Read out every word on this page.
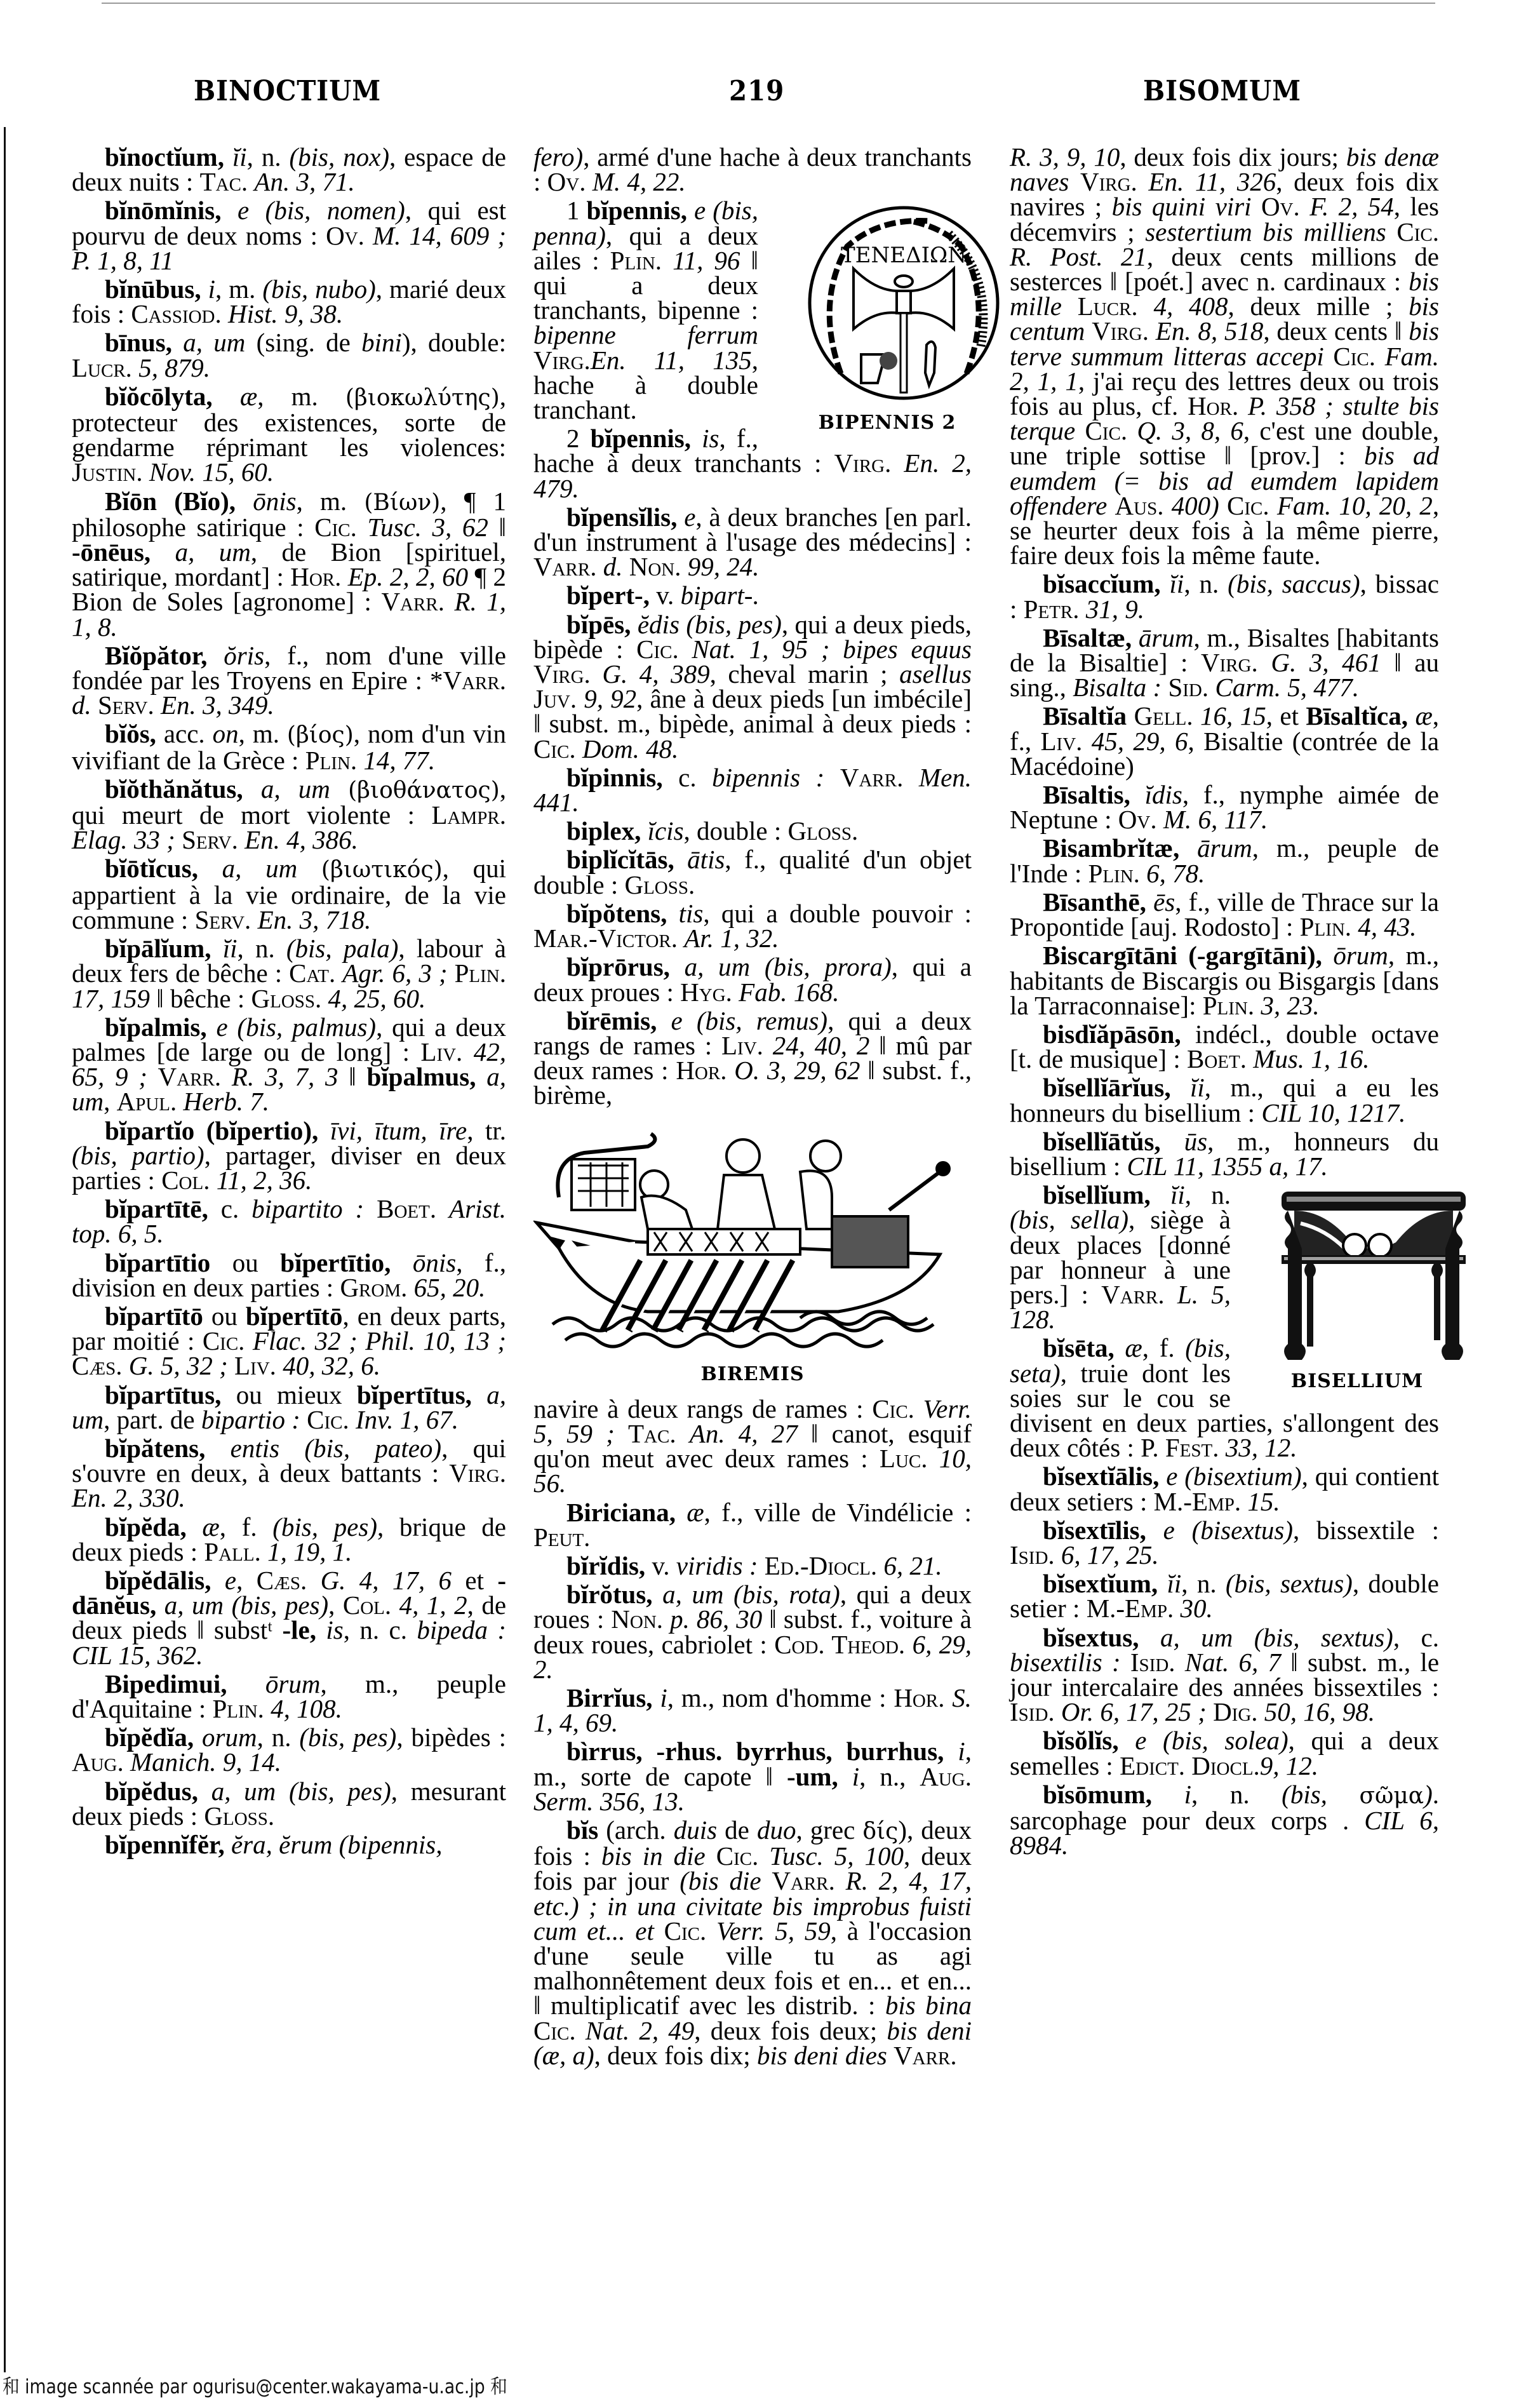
BINOCTIUM	219	BISOMUM

bĭnoctĭum, ĭi, n. (bis, nox), espace de deux nuits : Tac. An. 3, 71.

bĭnōmĭnis, e (bis, nomen), qui est pourvu de deux noms : Ov. M. 14, 609 ; P. 1, 8, 11

bĭnūbus, i, m. (bis, nubo), marié deux fois : Cassiod. Hist. 9, 38.

bīnus, a, um (sing. de bini), double: Lucr. 5, 879.

bĭŏcōlyta, æ, m. (βιοκωλύτης), protecteur des existences, sorte de gendarme réprimant les violences: Justin. Nov. 15, 60.

Bĭōn (Bĭo), ōnis, m. (Βίων), ¶ 1 philosophe satirique : Cic. Tusc. 3, 62 ‖ -ōnēus, a, um, de Bion [spirituel, satirique, mordant] : Hor. Ep. 2, 2, 60 ¶ 2 Bion de Soles [agronome] : Varr. R. 1, 1, 8.

Bĭŏpător, ŏris, f., nom d'une ville fondée par les Troyens en Epire : *Varr. d. Serv. En. 3, 349.

bĭŏs, acc. on, m. (βίος), nom d'un vin vivifiant de la Grèce : Plin. 14, 77.

bĭŏthănătus, a, um (βιοθάνατος), qui meurt de mort violente : Lampr. Elag. 33 ; Serv. En. 4, 386.

bĭōtĭcus, a, um (βιωτικός), qui appartient à la vie ordinaire, de la vie commune : Serv. En. 3, 718.

bĭpālĭum, ĭi, n. (bis, pala), labour à deux fers de bêche : Cat. Agr. 6, 3 ; Plin. 17, 159 ‖ bêche : Gloss. 4, 25, 60.

bĭpalmis, e (bis, palmus), qui a deux palmes [de large ou de long] : Liv. 42, 65, 9 ; Varr. R. 3, 7, 3 ‖ bĭpalmus, a, um, Apul. Herb. 7.

bĭpartĭo (bĭpertio), īvi, ītum, īre, tr. (bis, partio), partager, diviser en deux parties : Col. 11, 2, 36.

bĭpartītē, c. bipartito : Boet. Arist. top. 6, 5.

bĭpartītio ou bĭpertītio, ōnis, f., division en deux parties : Grom. 65, 20.

bĭpartītō ou bĭpertītō, en deux parts, par moitié : Cic. Flac. 32 ; Phil. 10, 13 ; Cæs. G. 5, 32 ; Liv. 40, 32, 6.

bĭpartītus, ou mieux bĭpertītus, a, um, part. de bipartio : Cic. Inv. 1, 67.

bĭpătens, entis (bis, pateo), qui s'ouvre en deux, à deux battants : Virg. En. 2, 330.

bĭpĕda, æ, f. (bis, pes), brique de deux pieds : Pall. 1, 19, 1.

bĭpĕdālis, e, Cæs. G. 4, 17, 6 et -dānĕus, a, um (bis, pes), Col. 4, 1, 2, de deux pieds ‖ substᵗ -le, is, n. c. bipeda : CIL 15, 362.

Bipedimui, ōrum, m., peuple d'Aquitaine : Plin. 4, 108.

bĭpĕdĭa, orum, n. (bis, pes), bipèdes : Aug. Manich. 9, 14.

bĭpĕdus, a, um (bis, pes), mesurant deux pieds : Gloss.

bĭpennĭfĕr, ĕra, ĕrum (bipennis,

fero), armé d'une hache à deux tranchants : Ov. M. 4, 22.

ΤΕΝΕΔΙΩΝ
BIPENNIS 2
1 bĭpennis, e (bis, penna), qui a deux ailes : Plin. 11, 96 ‖ qui a deux tranchants, bipenne : bipenne ferrum Virg.En. 11, 135, hache à double tranchant.

2 bĭpennis, is, f., hache à deux tranchants : Virg. En. 2, 479.

bĭpensĭlis, e, à deux branches [en parl. d'un instrument à l'usage des médecins] : Varr. d. Non. 99, 24.

bĭpert-, v. bipart-.

bĭpēs, ĕdis (bis, pes), qui a deux pieds, bipède : Cic. Nat. 1, 95 ; bipes equus Virg. G. 4, 389, cheval marin ; asellus Juv. 9, 92, âne à deux pieds [un imbécile] ‖ subst. m., bipède, animal à deux pieds : Cic. Dom. 48.

bĭpinnis, c. bipennis : Varr. Men. 441.

biplex, ĭcis, double : Gloss.

biplĭcĭtās, ātis, f., qualité d'un objet double : Gloss.

bĭpŏtens, tis, qui a double pouvoir : Mar.-Victor. Ar. 1, 32.

bĭprōrus, a, um (bis, prora), qui a deux proues : Hyg. Fab. 168.

bĭrēmis, e (bis, remus), qui a deux rangs de rames : Liv. 24, 40, 2 ‖ mû par deux rames : Hor. O. 3, 29, 62 ‖ subst. f., birème,

BIREMIS

navire à deux rangs de rames : Cic. Verr. 5, 59 ; Tac. An. 4, 27 ‖ canot, esquif qu'on meut avec deux rames : Luc. 10, 56.

Biriciana, æ, f., ville de Vindélicie : Peut.

bĭrĭdis, v. viridis : Ed.-Diocl. 6, 21.

bĭrŏtus, a, um (bis, rota), qui a deux roues : Non. p. 86, 30 ‖ subst. f., voiture à deux roues, cabriolet : Cod. Theod. 6, 29, 2.

Birrĭus, i, m., nom d'homme : Hor. S. 1, 4, 69.

bìrrus, -rhus. byrrhus, burrhus, i, m., sorte de capote ‖ -um, i, n., Aug. Serm. 356, 13.

bĭs (arch. duis de duo, grec δίς), deux fois : bis in die Cic. Tusc. 5, 100, deux fois par jour (bis die Varr. R. 2, 4, 17, etc.) ; in una civitate bis improbus fuisti cum et... et Cic. Verr. 5, 59, à l'occasion d'une seule ville tu as agi malhonnêtement deux fois et en... et en... ‖ multiplicatif avec les distrib. : bis bina Cic. Nat. 2, 49, deux fois deux; bis deni (æ, a), deux fois dix; bis deni dies Varr.

R. 3, 9, 10, deux fois dix jours; bis denæ naves Virg. En. 11, 326, deux fois dix navires ; bis quini viri Ov. F. 2, 54, les décemvirs ; sestertium bis milliens Cic. R. Post. 21, deux cents millions de sesterces ‖ [poét.] avec n. cardinaux : bis mille Lucr. 4, 408, deux mille ; bis centum Virg. En. 8, 518, deux cents ‖ bis terve summum litteras accepi Cic. Fam. 2, 1, 1, j'ai reçu des lettres deux ou trois fois au plus, cf. Hor. P. 358 ; stulte bis terque Cic. Q. 3, 8, 6, c'est une double, une triple sottise ‖ [prov.] : bis ad eumdem (= bis ad eumdem lapidem offendere Aus. 400) Cic. Fam. 10, 20, 2, se heurter deux fois à la même pierre, faire deux fois la même faute.

bĭsaccĭum, ĭi, n. (bis, saccus), bissac : Petr. 31, 9.

Bīsaltæ, ārum, m., Bisaltes [habitants de la Bisaltie] : Virg. G. 3, 461 ‖ au sing., Bisalta : Sid. Carm. 5, 477.

Bīsaltĭa Gell. 16, 15, et Bīsaltĭca, æ, f., Liv. 45, 29, 6, Bisaltie (contrée de la Macédoine)

Bīsaltis, ĭdis, f., nymphe aimée de Neptune : Ov. M. 6, 117.

Bisambrĭtæ, ārum, m., peuple de l'Inde : Plin. 6, 78.

Bīsanthē, ēs, f., ville de Thrace sur la Propontide [auj. Rodosto] : Plin. 4, 43.

Biscargītāni (-gargītāni), ōrum, m., habitants de Biscargis ou Bisgargis [dans la Tarraconnaise]: Plin. 3, 23.

bisdĭăpāsōn, indécl., double octave [t. de musique] : Boet. Mus. 1, 16.

bĭsellĭārĭus, ĭi, m., qui a eu les honneurs du bisellium : CIL 10, 1217.

bĭsellĭātŭs, ūs, m., honneurs du bisellium : CIL 11, 1355 a, 17.

BISELLIUM
bĭsellĭum, ĭi, n. (bis, sella), siège à deux places [donné par honneur à une pers.] : Varr. L. 5, 128.

bĭsēta, æ, f. (bis, seta), truie dont les soies sur le cou se divisent en deux parties, s'allongent des deux côtés : P. Fest. 33, 12.

bĭsextĭālis, e (bisextium), qui contient deux setiers : M.-Emp. 15.

bĭsextīlis, e (bisextus), bissextile : Isid. 6, 17, 25.

bĭsextĭum, ĭi, n. (bis, sextus), double setier : M.-Emp. 30.

bĭsextus, a, um (bis, sextus), c. bisextilis : Isid. Nat. 6, 7 ‖ subst. m., le jour intercalaire des années bissextiles : Isid. Or. 6, 17, 25 ; Dig. 50, 16, 98.

bĭsŏlĭs, e (bis, solea), qui a deux semelles : Edict. Diocl.9, 12.

bĭsōmum, i, n. (bis, σῶμα). sarcophage pour deux corps . CIL 6, 8984.

和 image scannée par ogurisu@center.wakayama-u.ac.jp 和
